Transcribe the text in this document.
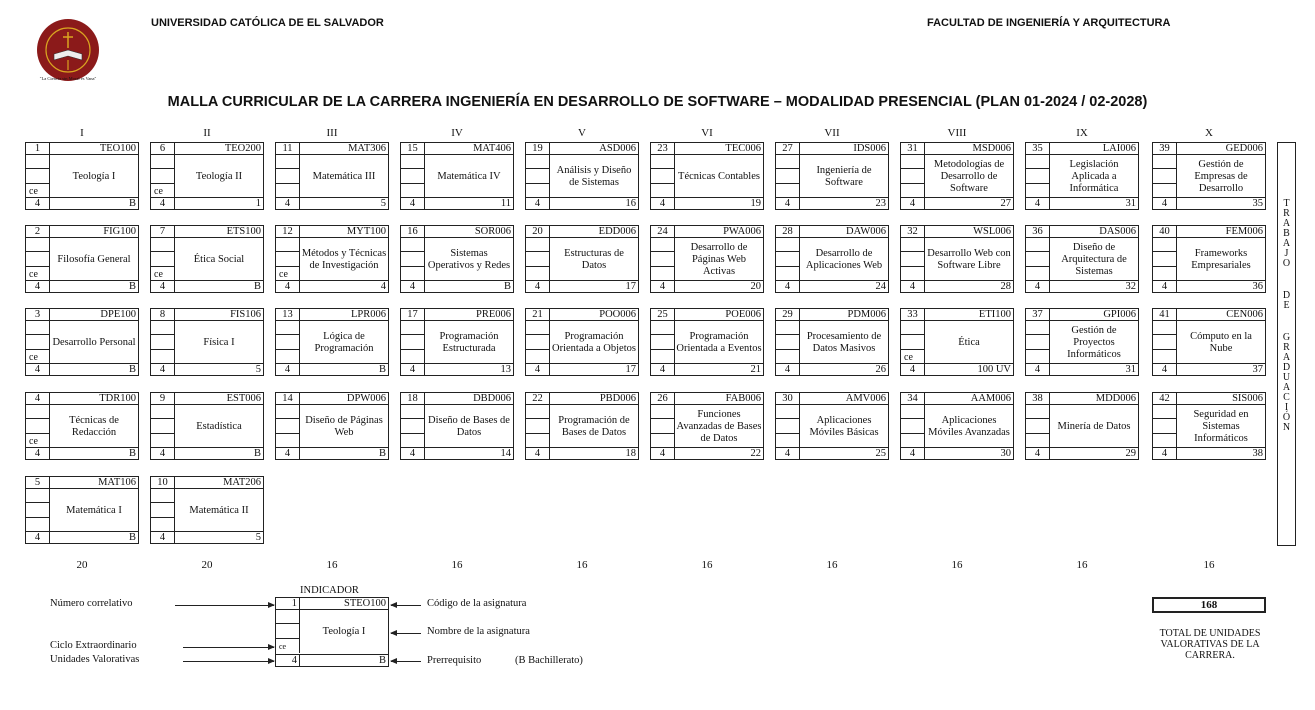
"La Ciencia sin Moral es Vana"
UNIVERSIDAD CATÓLICA DE EL SALVADOR	FACULTAD DE INGENIERÍA Y ARQUITECTURA
MALLA CURRICULAR DE LA CARRERA INGENIERÍA EN DESARROLLO DE SOFTWARE – MODALIDAD PRESENCIAL (PLAN 01-2024 / 02-2028)
I
20
1	TEO100
ce
Teología I
4	B
2	FIG100
ce
Filosofía General
4	B
3	DPE100
ce
Desarrollo Personal
4	B
4	TDR100
ce
Técnicas de Redacción
4	B
5	MAT106
Matemática I
4	B
II
20
6	TEO200
ce
Teología II
4	1
7	ETS100
ce
Ética Social
4	B
8	FIS106
Física I
4	5
9	EST006
Estadística
4	B
10	MAT206
Matemática II
4	5
III
16
11	MAT306
Matemática III
4	5
12	MYT100
ce
Métodos y Técnicas de Investigación
4	4
13	LPR006
Lógica de Programación
4	B
14	DPW006
Diseño de Páginas Web
4	B
IV
16
15	MAT406
Matemática IV
4	11
16	SOR006
Sistemas Operativos y Redes
4	B
17	PRE006
Programación Estructurada
4	13
18	DBD006
Diseño de Bases de Datos
4	14
V
16
19	ASD006
Análisis y Diseño de Sistemas
4	16
20	EDD006
Estructuras de Datos
4	17
21	POO006
Programación Orientada a Objetos
4	17
22	PBD006
Programación de Bases de Datos
4	18
VI
16
23	TEC006
Técnicas Contables
4	19
24	PWA006
Desarrollo de Páginas Web Activas
4	20
25	POE006
Programación Orientada a Eventos
4	21
26	FAB006
Funciones Avanzadas de Bases de Datos
4	22
VII
16
27	IDS006
Ingeniería de Software
4	23
28	DAW006
Desarrollo de Aplicaciones Web
4	24
29	PDM006
Procesamiento de Datos Masivos
4	26
30	AMV006
Aplicaciones Móviles Básicas
4	25
VIII
16
31	MSD006
Metodologías de Desarrollo de Software
4	27
32	WSL006
Desarrollo Web con Software Libre
4	28
33	ETI100
ce
Ética
4	100 UV
34	AAM006
Aplicaciones Móviles Avanzadas
4	30
IX
16
35	LAI006
Legislación Aplicada a Informática
4	31
36	DAS006
Diseño de Arquitectura de Sistemas
4	32
37	GPI006
Gestión de Proyectos Informáticos
4	31
38	MDD006
Minería de Datos
4	29
X
16
39	GED006
Gestión de Empresas de Desarrollo
4	35
40	FEM006
Frameworks Empresariales
4	36
41	CEN006
Cómputo en la Nube
4	37
42	SIS006
Seguridad en Sistemas Informáticos
4	38
T
R
A
B
A
J
O
D
E
G
R
A
D
U
A
C
I
Ó
N
INDICADOR
1	STEO100
ce
Teología I
4	B
Número correlativo
Ciclo Extraordinario
Unidades Valorativas
Código de la asignatura
Nombre de la asignatura
Prerrequisito	(B Bachillerato)
168
TOTAL DE UNIDADES VALORATIVAS DE LA CARRERA.
